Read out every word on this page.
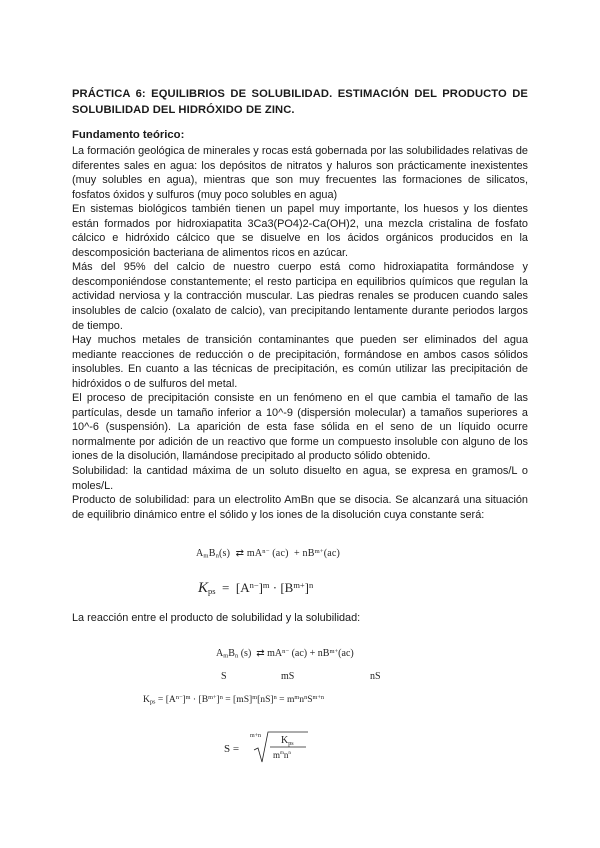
PRÁCTICA 6: EQUILIBRIOS DE SOLUBILIDAD. ESTIMACIÓN DEL PRODUCTO DE SOLUBILIDAD DEL HIDRÓXIDO DE ZINC.
Fundamento teórico:

La formación geológica de minerales y rocas está gobernada por las solubilidades relativas de diferentes sales en agua: los depósitos de nitratos y haluros son prácticamente inexistentes (muy solubles en agua), mientras que son muy frecuentes las formaciones de silicatos, fosfatos óxidos y sulfuros (muy poco solubles en agua)

En sistemas biológicos también tienen un papel muy importante, los huesos y los dientes están formados por hidroxiapatita 3Ca3(PO4)2-Ca(OH)2, una mezcla cristalina de fosfato cálcico e hidróxido cálcico que se disuelve en los ácidos orgánicos producidos en la descomposición bacteriana de alimentos ricos en azúcar.

Más del 95% del calcio de nuestro cuerpo está como hidroxiapatita formándose y descomponiéndose constantemente; el resto participa en equilibrios químicos que regulan la actividad nerviosa y la contracción muscular. Las piedras renales se producen cuando sales insolubles de calcio (oxalato de calcio), van precipitando lentamente durante periodos largos de tiempo.

Hay muchos metales de transición contaminantes que pueden ser eliminados del agua mediante reacciones de reducción o de precipitación, formándose en ambos casos sólidos insolubles. En cuanto a las técnicas de precipitación, es común utilizar las precipitación de hidróxidos o de sulfuros del metal.

El proceso de precipitación consiste en un fenómeno en el que cambia el tamaño de las partículas, desde un tamaño inferior a 10^-9 (dispersión molecular) a tamaños superiores a 10^-6 (suspensión). La aparición de esta fase sólida en el seno de un líquido ocurre normalmente por adición de un reactivo que forme un compuesto insoluble con alguno de los iones de la disolución, llamándose precipitado al producto sólido obtenido.

Solubilidad: la cantidad máxima de un soluto disuelto en agua, se expresa en gramos/L o moles/L.

Producto de solubilidad: para un electrolito AmBn que se disocia. Se alcanzará una situación de equilibrio dinámico entre el sólido y los iones de la disolución cuya constante será:

$A_mB_n(s)$  ⇄ $mA^{n-}$ $(ac) + nB^{m+}(ac)$
$K_{ps} = [A^{n-}]^m \cdot [B^{m+}]^n$
La reacción entre el producto de solubilidad y la solubilidad:
$A_mB_n$ (s)  ⇄ $mA^{n-}$ $(ac) + nB^{m+}(ac)$
S	mS	nS
$K_{ps} = [A^{n-}]^m \cdot [B^{m+}]^n = [mS]^m[nS]^n = m^mn^nS^{m+n}$
S =
m+n $K_{ps}$
$m^mn^n$
